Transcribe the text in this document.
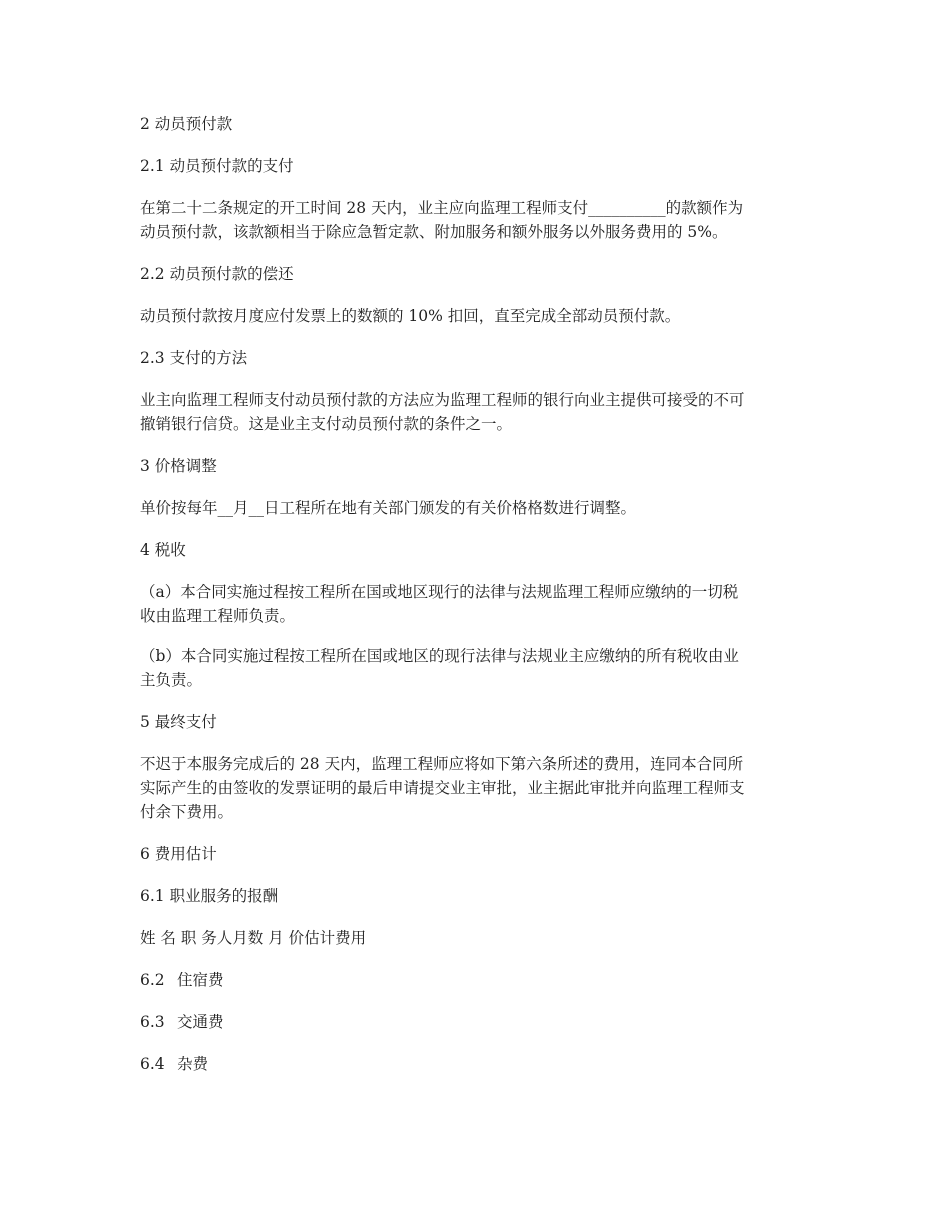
2 动员预付款

2.1 动员预付款的支付

在第二十二条规定的开工时间 28 天内，业主应向监理工程师支付__________的款额作为
动员预付款，该款额相当于除应急暂定款、附加服务和额外服务以外服务费用的 5%。

2.2 动员预付款的偿还

动员预付款按月度应付发票上的数额的 10% 扣回，直至完成全部动员预付款。

2.3 支付的方法

业主向监理工程师支付动员预付款的方法应为监理工程师的银行向业主提供可接受的不可
撤销银行信贷。这是业主支付动员预付款的条件之一。

3 价格调整

单价按每年__月__日工程所在地有关部门颁发的有关价格格数进行调整。

4 税收

（a）本合同实施过程按工程所在国或地区现行的法律与法规监理工程师应缴纳的一切税
收由监理工程师负责。
（b）本合同实施过程按工程所在国或地区的现行法律与法规业主应缴纳的所有税收由业
主负责。

5 最终支付

不迟于本服务完成后的 28 天内，监理工程师应将如下第六条所述的费用，连同本合同所
实际产生的由签收的发票证明的最后申请提交业主审批，业主据此审批并向监理工程师支
付余下费用。

6 费用估计

6.1 职业服务的报酬

姓 名 职 务人月数 月 价估计费用

6.2 住宿费
6.3 交通费
6.4 杂费
